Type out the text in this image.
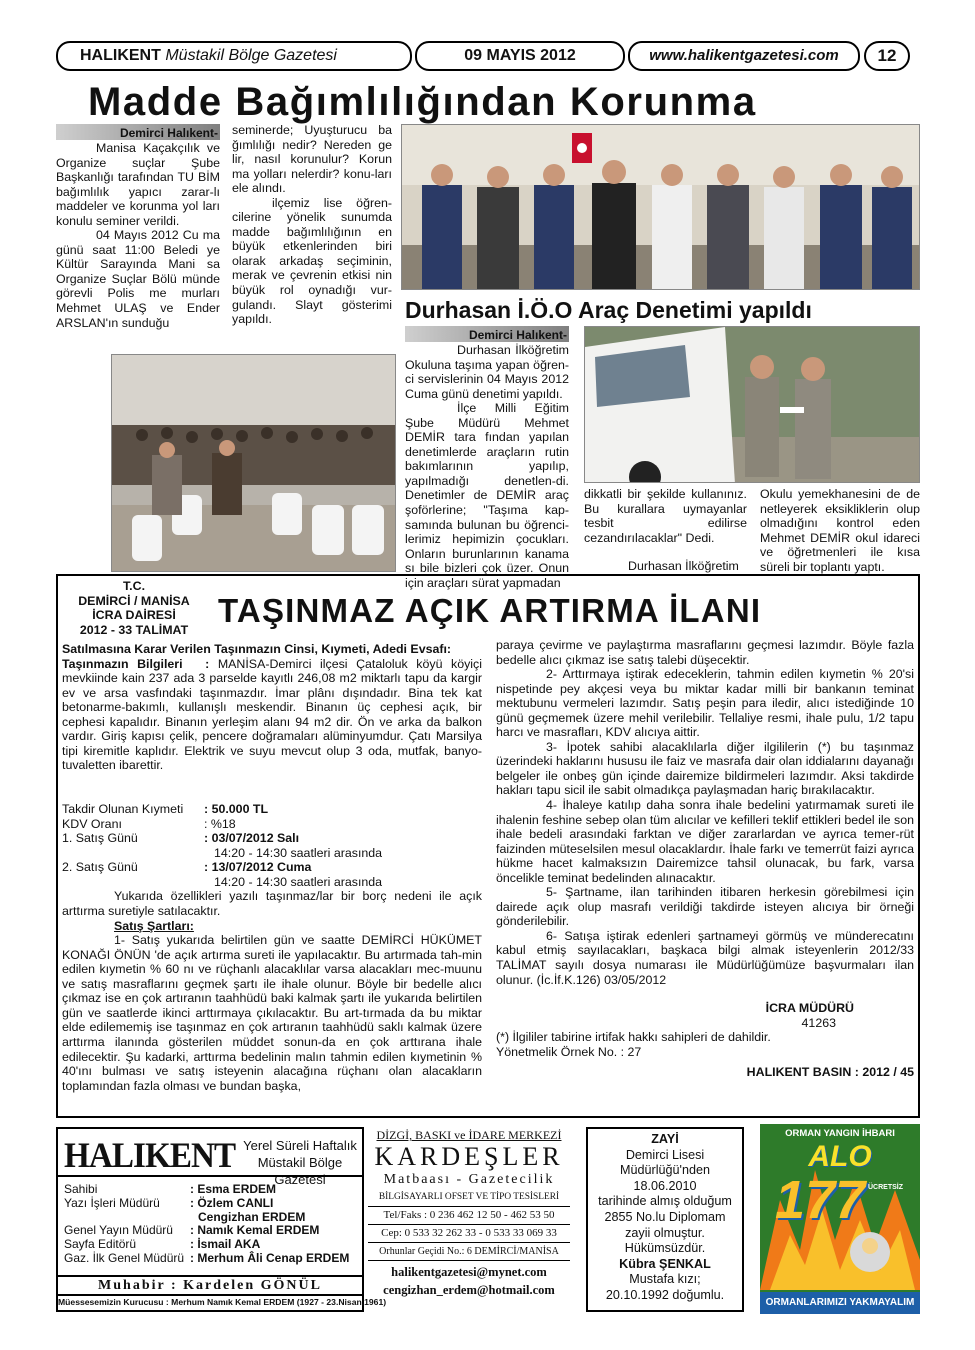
HALIKENT Müstakil Bölge Gazetesi	09 MAYIS 2012	www.halikentgazetesi.com	12
Madde Bağımlılığından Korunma
Demirci Halıkent-

Manisa Kaçakçılık ve Organize suçlar Şube Başkanlığı tarafından TU BİM bağımlılık yapıcı zarar-lı maddeler ve korunma yol ları konulu seminer verildi.

04 Mayıs 2012 Cu ma günü saat 11:00 Beledi ye Kültür Sarayında Mani sa Organize Suçlar Bölü münde görevli Polis me murları Mehmet ULAŞ ve Ender ARSLAN'ın sunduğu

seminerde; Uyuşturucu ba ğımlılığı nedir? Nereden ge lir, nasıl korunulur? Korun ma yolları nelerdir? konu-ları ele alındı.

ilçemiz lise öğren-cilerine yönelik sunumda madde bağımlılığının en büyük etkenlerinden biri olarak arkadaş seçiminin, merak ve çevrenin etkisi nin büyük rol oynadığı vur-gulandı. Slayt gösterimi yapıldı.	Durhasan İ.Ö.O Araç Denetimi yapıldı
Demirci Halıkent-

Durhasan İlköğretim Okuluna taşıma yapan öğren-ci servislerinin 04 Mayıs 2012 Cuma günü denetimi yapıldı.

İlçe Milli Eğitim Şube Müdürü Mehmet DEMİR tara fından yapılan denetimlerde araçların rutin bakımlarının yapılıp, yapılmadığı denetlen-di. Denetimler de DEMİR araç şoförlerine; "Taşıma kap-samında bulunan bu öğrenci-lerimiz hepimizin çocukları. Onların burunlarının kanama sı bile bizleri çok üzer. Onun için araçları sürat yapmadan

dikkatli bir şekilde kullanınız. Bu kurallara uymayanlar tesbit edilirse cezandırılacaklar" Dedi.

Durhasan İlköğretim

Okulu yemekhanesini de de netleyerek eksikliklerin olup olmadığını kontrol eden Mehmet DEMİR okul idareci ve öğretmenleri ile kısa süreli bir toplantı yaptı.

T.C.
DEMİRCİ / MANİSA
İCRA DAİRESİ
2012 - 33 TALİMAT
TAŞINMAZ AÇIK ARTIRMA İLANI

Satılmasına Karar Verilen Taşınmazın Cinsi, Kıymeti, Adedi Evsafı:

Taşınmazın Bilgileri : MANİSA-Demirci ilçesi Çataloluk köyü köyiçi mevkiinde kain 237 ada 3 parselde kayıtlı 246,08 m2 miktarlı tapu da kargir ev ve arsa vasfındaki taşınmazdır. İmar plânı dışındadır. Bina tek kat betonarme-bakımlı, kullanışlı meskendir. Binanın üç cephesi açık, bir cephesi kapalıdır. Binanın yerleşim alanı 94 m2 dir. Ön ve arka da balkon vardır. Giriş kapısı çelik, pencere doğramaları alüminyumdur. Çatı Marsilya tipi kiremitle kaplıdır. Elektrik ve suyu mevcut olup 3 oda, mutfak, banyo-tuvaletten ibarettir.

Takdir Olunan Kıymeti	: 50.000 TL
KDV Oranı	: %18
1. Satış Günü	: 03/07/2012 Salı
14:20 - 14:30 saatleri arasında
2. Satış Günü	: 13/07/2012 Cuma
14:20 - 14:30 saatleri arasında

Yukarıda özellikleri yazılı taşınmaz/lar bir borç nedeni ile açık arttırma suretiyle satılacaktır.

Satış Şartları:

1- Satış yukarıda belirtilen gün ve saatte DEMİRCİ HÜKÜMET KONAĞI ÖNÜN 'de açık artırma sureti ile yapılacaktır. Bu artırmada tah-min edilen kıymetin % 60 nı ve rüçhanlı alacaklılar varsa alacakları mec-muunu ve satış masraflarını geçmek şartı ile ihale olunur. Böyle bir bedelle alıcı çıkmaz ise en çok artıranın taahhüdü baki kalmak şartı ile yukarıda belirtilen gün ve saatlerde ikinci arttırmaya çıkılacaktır. Bu art-tırmada da bu miktar elde edilememiş ise taşınmaz en çok artıranın taahhüdü saklı kalmak üzere arttırma ilanında gösterilen müddet sonun-da en çok arttırana ihale edilecektir. Şu kadarki, arttırma bedelinin malın tahmin edilen kıymetinin % 40'ını bulması ve satış isteyenin alacağına rüçhanı olan alacakların toplamından fazla olması ve bundan başka,

paraya çevirme ve paylaştırma masraflarını geçmesi lazımdır. Böyle fazla bedelle alıcı çıkmaz ise satış talebi düşecektir.

2- Arttırmaya iştirak edeceklerin, tahmin edilen kıymetin % 20'si nispetinde pey akçesi veya bu miktar kadar milli bir bankanın teminat mektubunu vermeleri lazımdır. Satış peşin para iledir, alıcı istediğinde 10 günü geçmemek üzere mehil verilebilir. Tellaliye resmi, ihale pulu, 1/2 tapu harcı ve masrafları, KDV alıcıya aittir.

3- İpotek sahibi alacaklılarla diğer ilgililerin (*) bu taşınmaz üzerindeki haklarını hususu ile faiz ve masrafa dair olan iddialarını dayanağı belgeler ile onbeş gün içinde dairemize bildirmeleri lazımdır. Aksi takdirde hakları tapu sicil ile sabit olmadıkça paylaşmadan hariç bırakılacaktır.

4- İhaleye katılıp daha sonra ihale bedelini yatırmamak sureti ile ihalenin feshine sebep olan tüm alıcılar ve kefilleri teklif ettikleri bedel ile son ihale bedeli arasındaki farktan ve diğer zararlardan ve ayrıca temer-rüt faizinden müteselsilen mesul olacaklardır. İhale farkı ve temerrüt faizi ayrıca hükme hacet kalmaksızın Dairemizce tahsil olunacak, bu fark, varsa öncelikle teminat bedelinden alınacaktır.

5- Şartname, ilan tarihinden itibaren herkesin görebilmesi için dairede açık olup masrafı verildiği takdirde isteyen alıcıya bir örneği gönderilebilir.

6- Satışa iştirak edenleri şartnameyi görmüş ve münderecatını kabul etmiş sayılacakları, başkaca bilgi almak isteyenlerin 2012/33 TALİMAT sayılı dosya numarası ile Müdürlüğümüze başvurmaları ilan olunur. (İc.İf.K.126) 03/05/2012

İCRA MÜDÜRÜ

41263

(*) İlgililer tabirine irtifak hakkı sahipleri de dahildir.

Yönetmelik Örnek No. : 27

HALIKENT BASIN : 2012 / 45

HALIKENT Yerel Süreli Haftalık
Müstakil Bölge Gazetesi
Sahibi	: Esma ERDEM
Yazı İşleri Müdürü	: Özlem CANLI
Cengizhan ERDEM
Genel Yayın Müdürü	: Namık Kemal ERDEM
Sayfa Editörü	: İsmail AKA
Gaz. İlk Genel Müdürü : Merhum Âli Cenap ERDEM
Muhabir : Kardelen GÖNÜL
Müessesemizin Kurucusu : Merhum Namık Kemal ERDEM (1927 - 23.Nisan.1961)
DİZGİ, BASKI ve İDARE MERKEZİ
KARDEŞLER
Matbaası - Gazetecilik
BİLGİSAYARLI OFSET VE TİPO TESİSLERİ
Tel/Faks : 0 236 462 12 50 - 462 53 50
Cep: 0 533 32 262 33 - 0 533 33 069 33
Orhunlar Geçidi No.: 6 DEMİRCİ/MANİSA
halikentgazetesi@mynet.com
cengizhan_erdem@hotmail.com
ZAYİ
Demirci Lisesi
Müdürlüğü'nden
18.06.2010
tarihinde almış olduğum
2855 No.lu Diplomam
zayii olmuştur.
Hükümsüzdür.
Kübra ŞENKAL
Mustafa kızı;
20.10.1992 doğumlu.
ORMAN YANGIN İHBARI
ALO
177 ÜCRETSİZ
ORMANLARIMIZI YAKMAYALIM
